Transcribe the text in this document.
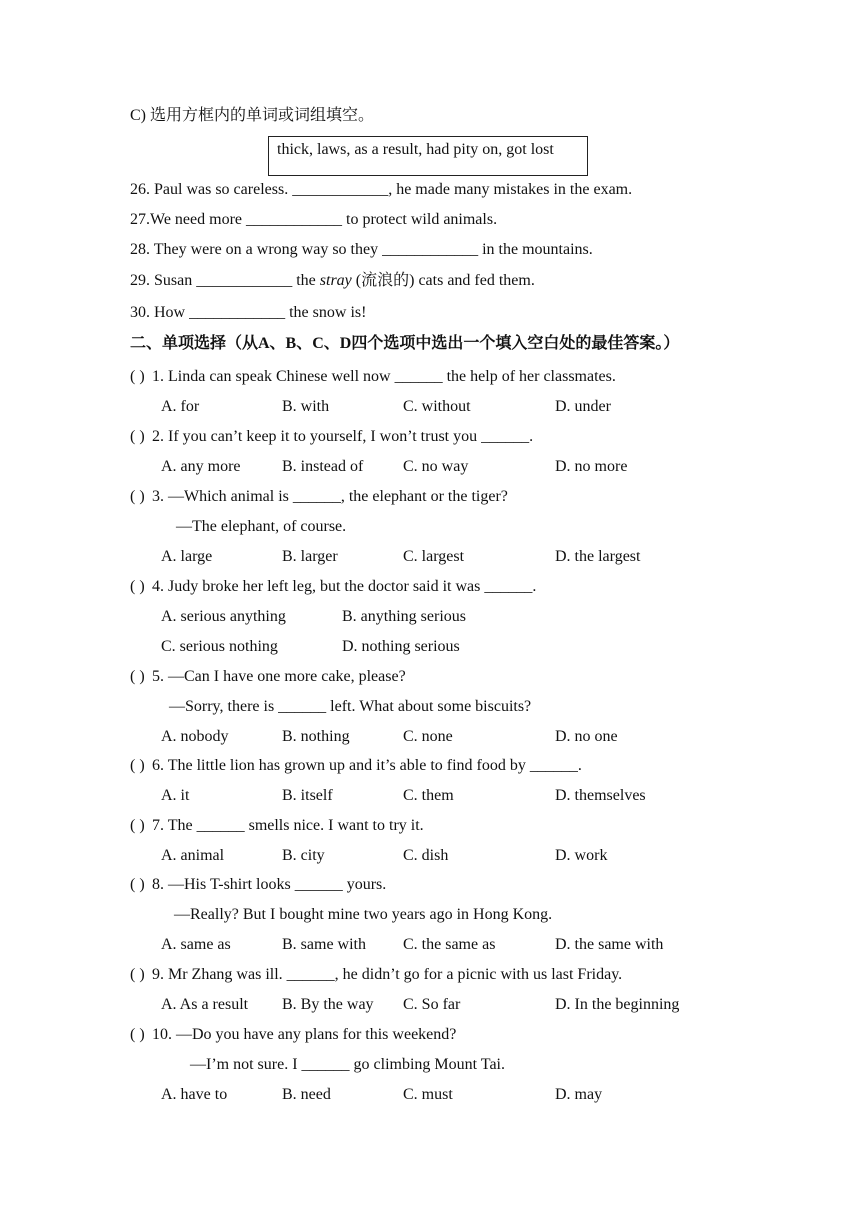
C) 选用方框内的单词或词组填空。
thick, laws, as a result, had pity on, got lost
26. Paul was so careless. ____________, he made many mistakes in the exam.
27.We need more ____________ to protect wild animals.
28. They were on a wrong way so they ____________ in the mountains.
29. Susan ____________ the stray (流浪的) cats and fed them.
30. How ____________ the snow is!
二、单项选择（从A、B、C、D四个选项中选出一个填入空白处的最佳答案。）
( ) 1. Linda can speak Chinese well now ______ the help of her classmates.
A. for	B. with	C. without	D. under
( ) 2. If you can’t keep it to yourself, I won’t trust you ______.
A. any more	B. instead of C. no way	D. no more
( ) 3. —Which animal is ______, the elephant or the tiger?
—The elephant, of course.
A. large	B. larger	C. largest	D. the largest
( ) 4. Judy broke her left leg, but the doctor said it was ______.
A. serious anything	B. anything serious
C. serious nothing	D. nothing serious
( ) 5. —Can I have one more cake, please?
—Sorry, there is ______ left. What about some biscuits?
A. nobody	B. nothing	C. none	D. no one
( ) 6. The little lion has grown up and it’s able to find food by ______.
A. it	B. itself	C. them	D. themselves
( ) 7. The ______ smells nice. I want to try it.
A. animal	B. city	C. dish	D. work
( ) 8. —His T-shirt looks ______ yours.
—Really? But I bought mine two years ago in Hong Kong.
A. same as	B. same with C. the same as	D. the same with
( ) 9. Mr Zhang was ill. ______, he didn’t go for a picnic with us last Friday.
A. As a result B. By the way C. So far	D. In the beginning
( ) 10. —Do you have any plans for this weekend?
—I’m not sure. I ______ go climbing Mount Tai.
A. have to	B. need	C. must	D. may
